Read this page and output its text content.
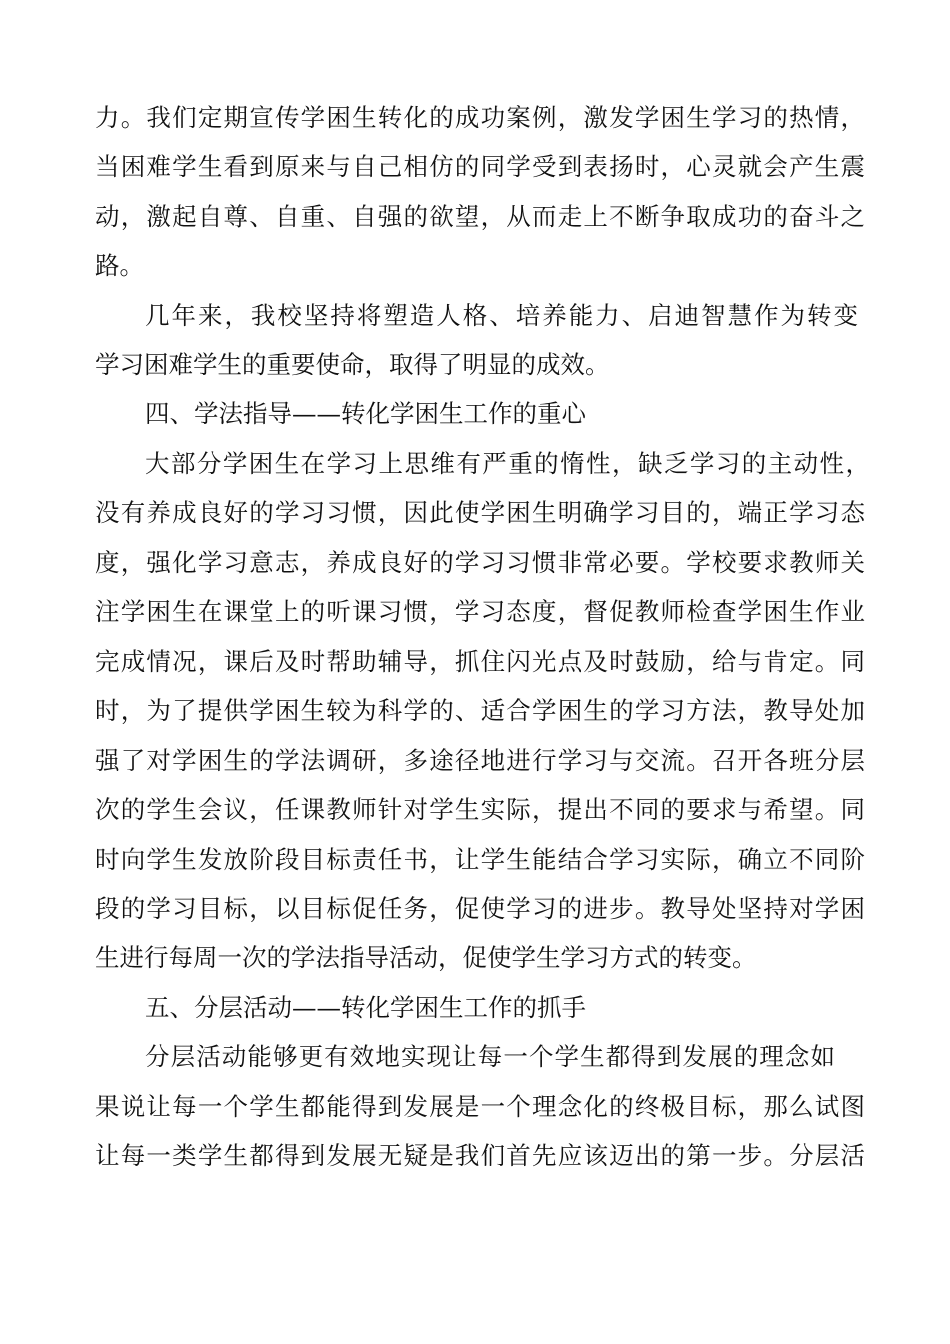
力。我们定期宣传学困生转化的成功案例，激发学困生学习的热情，
当困难学生看到原来与自己相仿的同学受到表扬时，心灵就会产生震
动，激起自尊、自重、自强的欲望，从而走上不断争取成功的奋斗之
路。
几年来，我校坚持将塑造人格、培养能力、启迪智慧作为转变
学习困难学生的重要使命，取得了明显的成效。
四、学法指导——转化学困生工作的重心
大部分学困生在学习上思维有严重的惰性，缺乏学习的主动性，
没有养成良好的学习习惯，因此使学困生明确学习目的，端正学习态
度，强化学习意志，养成良好的学习习惯非常必要。学校要求教师关
注学困生在课堂上的听课习惯，学习态度，督促教师检查学困生作业
完成情况，课后及时帮助辅导，抓住闪光点及时鼓励，给与肯定。同
时，为了提供学困生较为科学的、适合学困生的学习方法，教导处加
强了对学困生的学法调研，多途径地进行学习与交流。召开各班分层
次的学生会议，任课教师针对学生实际，提出不同的要求与希望。同
时向学生发放阶段目标责任书，让学生能结合学习实际，确立不同阶
段的学习目标，以目标促任务，促使学习的进步。教导处坚持对学困
生进行每周一次的学法指导活动，促使学生学习方式的转变。
五、分层活动——转化学困生工作的抓手
分层活动能够更有效地实现让每一个学生都得到发展的理念如
果说让每一个学生都能得到发展是一个理念化的终极目标，那么试图
让每一类学生都得到发展无疑是我们首先应该迈出的第一步。分层活
